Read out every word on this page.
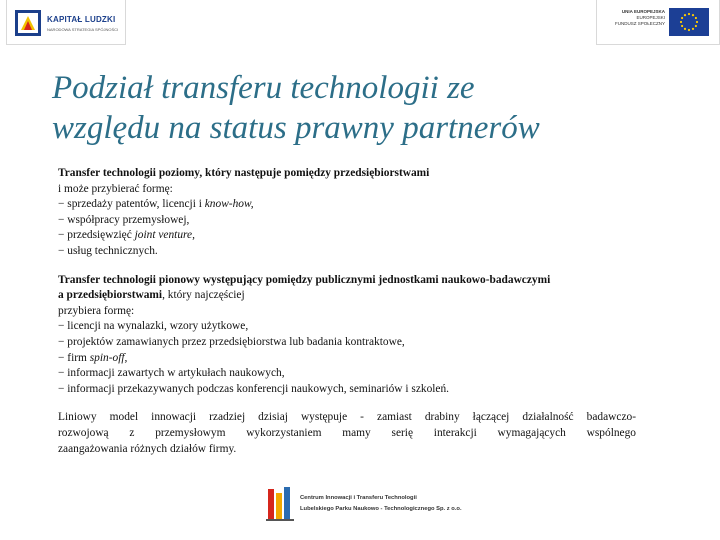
KAPITAŁ LUDZKI
NARODOWA STRATEGIA SPÓJNOŚCI
UNIA EUROPEJSKA
EUROPEJSKI
FUNDUSZ SPOŁECZNY
Podział transferu technologii ze
względu na status prawny partnerów
Transfer technologii poziomy, który następuje pomiędzy przedsiębiorstwami
i może przybierać formę:
− sprzedaży patentów, licencji i know-how,
− współpracy przemysłowej,
− przedsięwzięć joint venture,
− usług technicznych.
Transfer technologii pionowy występujący pomiędzy publicznymi jednostkami naukowo-badawczymi
a przedsiębiorstwami, który najczęściej
przybiera formę:
− licencji na wynalazki, wzory użytkowe,
− projektów zamawianych przez przedsiębiorstwa lub badania kontraktowe,
− firm spin-off,
− informacji zawartych w artykułach naukowych,
− informacji przekazywanych podczas konferencji naukowych, seminariów i szkoleń.
Liniowy model innowacji rzadziej dzisiaj występuje - zamiast drabiny łączącej działalność badawczo-
rozwojową z przemysłowym wykorzystaniem mamy serię interakcji wymagających wspólnego
zaangażowania różnych działów firmy.
Centrum Innowacji i Transferu Technologii
Lubelskiego Parku Naukowo - Technologicznego Sp. z o.o.
